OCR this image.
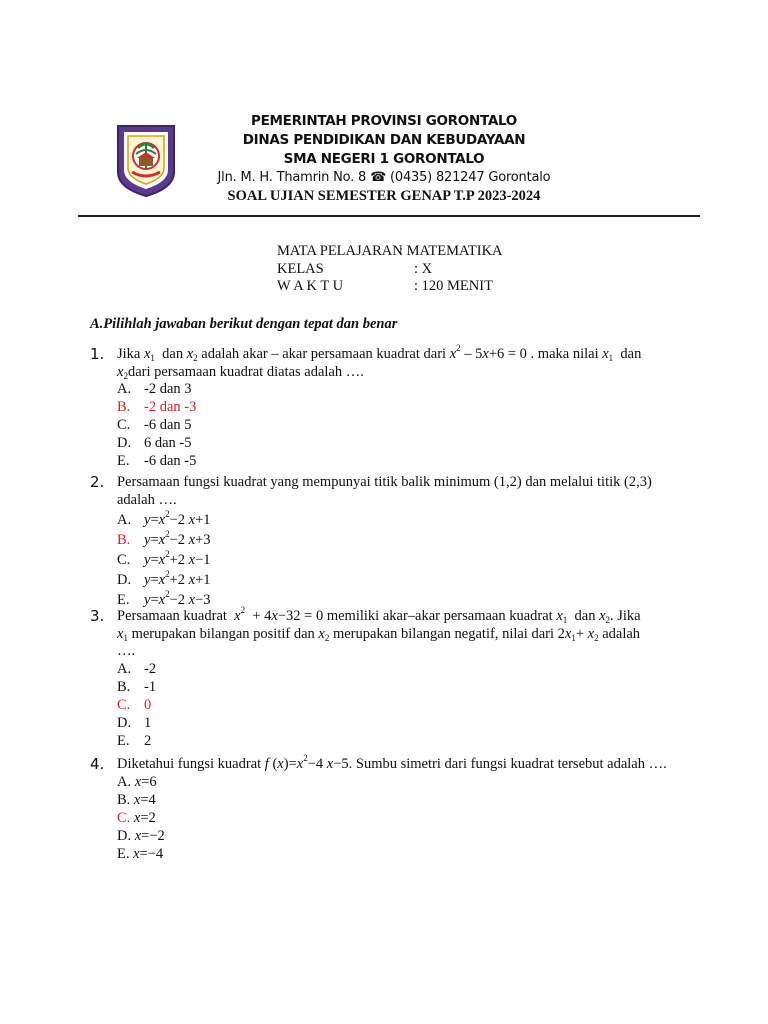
PEMERINTAH PROVINSI GORONTALO
DINAS PENDIDIKAN DAN KEBUDAYAAN
SMA NEGERI 1 GORONTALO
Jln. M. H. Thamrin No. 8 ☎ (0435) 821247 Gorontalo
SOAL UJIAN SEMESTER GENAP T.P 2023-2024
MATA PELAJARAN: MATEMATIKA
KELAS	: X
W A K T U	: 120 MENIT
A.Pilihlah jawaban berikut dengan tepat dan benar
1. Jika $x_1$ dan $x_2$ adalah akar – akar persamaan kuadrat dari $x^2 - 5x+6 = 0$ . maka nilai $x_1$ dan
$x_2dari$ persamaan kuadrat diatas adalah ….
A. -2 dan 3
B. -2 dan -3
C. -6 dan 5
D. 6 dan -5
E. -6 dan -5
2. Persamaan fungsi kuadrat yang mempunyai titik balik minimum (1,2) dan melalui titik (2,3) adalah ….
A. $y=x^2-2$ x+1
B. $y=x^2-2$ x+3
C. $y=x^2+2$ x−1
D. $y=x^2+2$ x+1
E. $y=x^2-2$ x−3
3. Persamaan kuadrat $x^2 + 4x-32 = 0$ memiliki akar–akar persamaan kuadrat $x_1$ dan $x_2$. Jika
$x_1$ merupakan bilangan positif dan $x_2$ merupakan bilangan negatif, nilai dari $2x_1+ x_2$ adalah
….
A. -2
B. -1
C. 0
D. 1
E. 2
4. Diketahui fungsi kuadrat f $(x)=x^2-4$ x−5. Sumbu simetri dari fungsi kuadrat tersebut adalah ….
A. x=6
B. x=4
C. x=2
D. x=−2
E. x=−4
